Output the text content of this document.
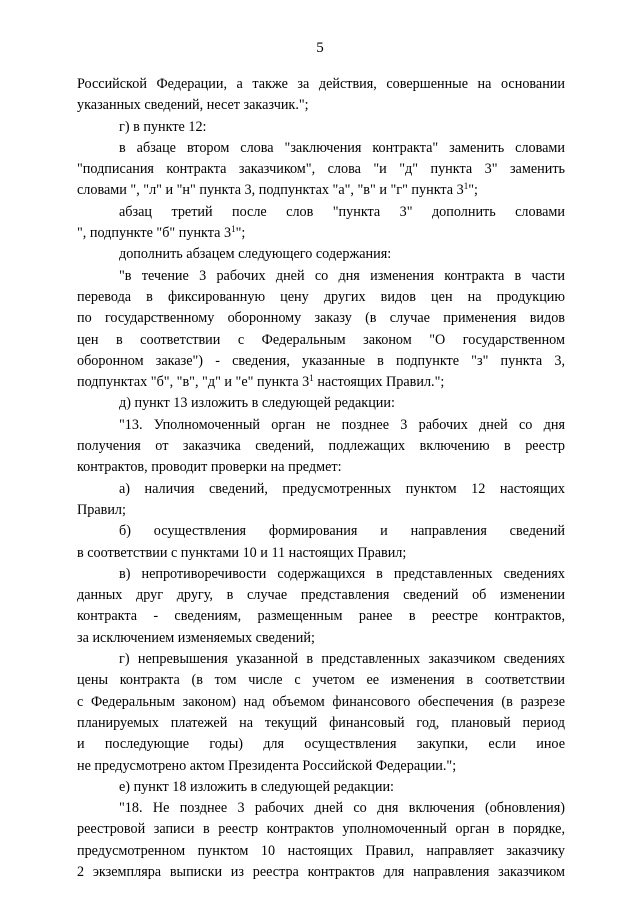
5
Российской Федерации, а также за действия, совершенные на основании
указанных сведений, несет заказчик.";
г) в пункте 12:
в абзаце втором слова "заключения контракта" заменить словами
"подписания контракта заказчиком", слова "и "д" пункта 3" заменить
словами ", "л" и "н" пункта 3, подпунктах "а", "в" и "г" пункта $3^1$";
абзац третий после слов "пункта 3" дополнить словами
", подпункте "б" пункта $3^1$";
дополнить абзацем следующего содержания:
"в течение 3 рабочих дней со дня изменения контракта в части
перевода в фиксированную цену других видов цен на продукцию
по государственному оборонному заказу (в случае применения видов
цен в соответствии с Федеральным законом "О государственном
оборонном заказе") - сведения, указанные в подпункте "з" пункта 3,
подпунктах "б", "в", "д" и "е" пункта $3^1$ настоящих Правил.";
д) пункт 13 изложить в следующей редакции:
"13. Уполномоченный орган не позднее 3 рабочих дней со дня
получения от заказчика сведений, подлежащих включению в реестр
контрактов, проводит проверки на предмет:
а) наличия сведений, предусмотренных пунктом 12 настоящих
Правил;
б) осуществления формирования и направления сведений
в соответствии с пунктами 10 и 11 настоящих Правил;
в) непротиворечивости содержащихся в представленных сведениях
данных друг другу, в случае представления сведений об изменении
контракта - сведениям, размещенным ранее в реестре контрактов,
за исключением изменяемых сведений;
г) непревышения указанной в представленных заказчиком сведениях
цены контракта (в том числе с учетом ее изменения в соответствии
с Федеральным законом) над объемом финансового обеспечения (в разрезе
планируемых платежей на текущий финансовый год, плановый период
и последующие годы) для осуществления закупки, если иное
не предусмотрено актом Президента Российской Федерации.";
е) пункт 18 изложить в следующей редакции:
"18. Не позднее 3 рабочих дней со дня включения (обновления)
реестровой записи в реестр контрактов уполномоченный орган в порядке,
предусмотренном пунктом 10 настоящих Правил, направляет заказчику
2 экземпляра выписки из реестра контрактов для направления заказчиком
